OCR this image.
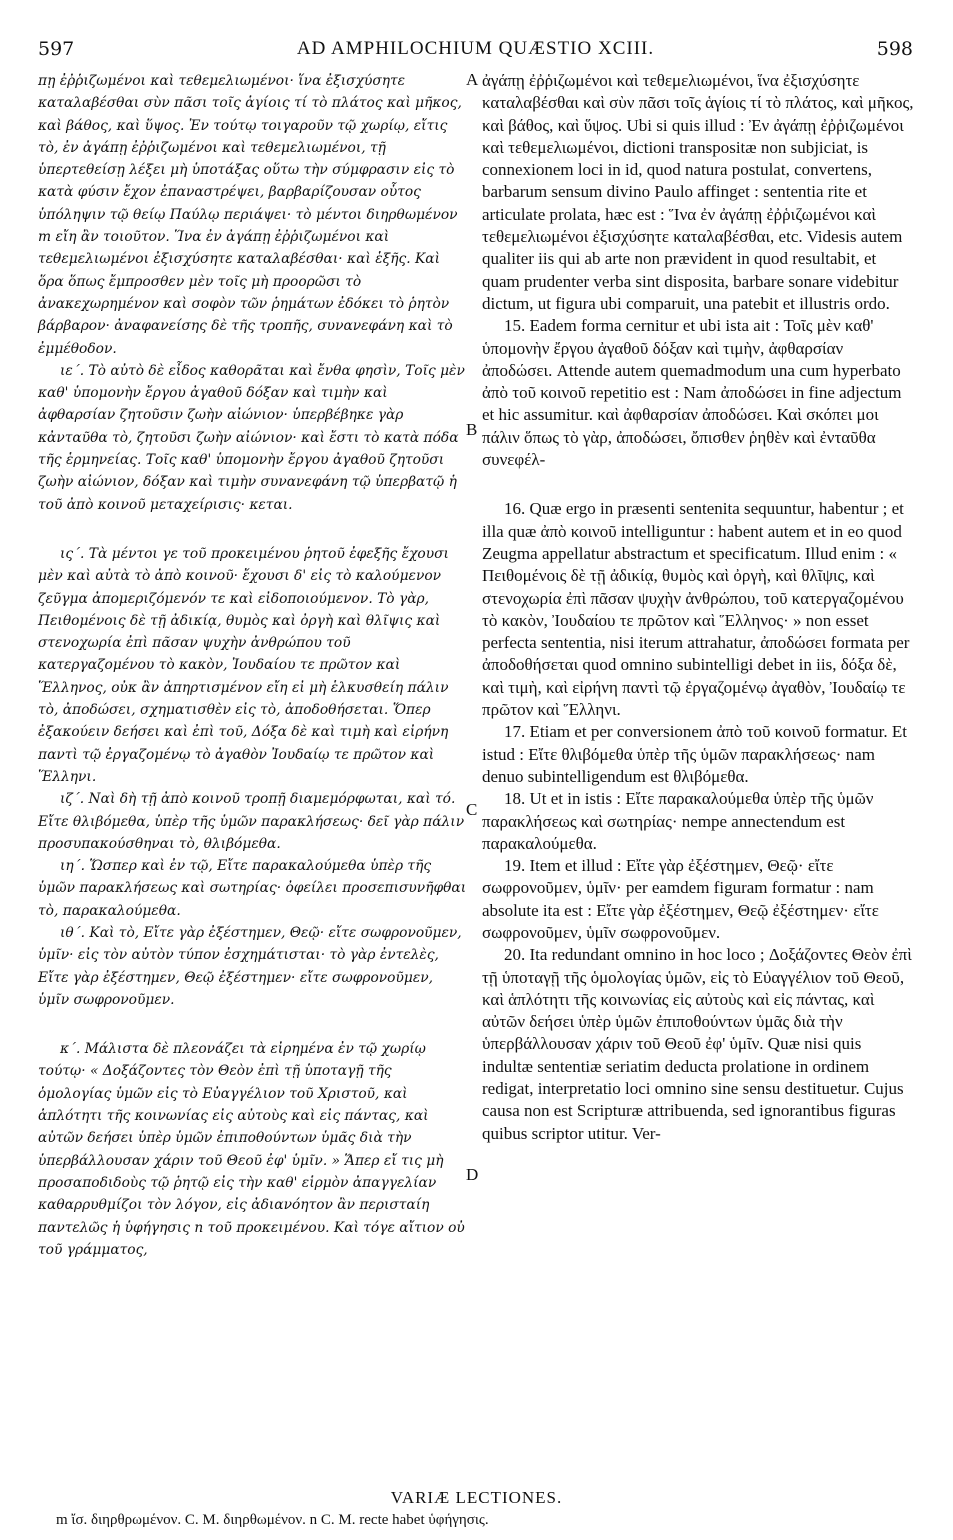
597	AD AMPHILOCHIUM QUÆSTIO XCIII.	598
A
B
C
D

πῃ ἐῤῥιζωμένοι καὶ τεθεμελιωμένοι· ἵνα ἐξισχύσητε καταλαβέσθαι σὺν πᾶσι τοῖς ἁγίοις τί τὸ πλάτος καὶ μῆκος, καὶ βάθος, καὶ ὕψος. Ἐν τούτῳ τοιγαροῦν τῷ χωρίῳ, εἴτις τὸ, ἐν ἀγάπῃ ἐῤῥιζωμένοι καὶ τεθεμελιωμένοι, τῇ ὑπερτεθείσῃ λέξει μὴ ὑποτάξας οὕτω τὴν σύμφρασιν εἰς τὸ κατὰ φύσιν ἔχον ἐπαναστρέψει, βαρβαρίζουσαν οὗτος ὑπόληψιν τῷ θείῳ Παύλῳ περιάψει· τὸ μέντοι διηρθωμένον m εἴη ἂν τοιοῦτον. Ἵνα ἐν ἀγάπῃ ἐῤῥιζωμένοι καὶ τεθεμελιωμένοι ἐξισχύσητε καταλαβέσθαι· καὶ ἑξῆς. Καὶ ὅρα ὅπως ἔμπροσθεν μὲν τοῖς μὴ προορῶσι τὸ ἀνακεχωρημένον καὶ σοφὸν τῶν ῥημάτων ἐδόκει τὸ ῥητὸν βάρβαρον· ἀναφανείσης δὲ τῆς τροπῆς, συνανεφάνη καὶ τὸ ἐμμέθοδον.

ιε΄. Τὸ αὐτὸ δὲ εἶδος καθορᾶται καὶ ἔνθα φησὶν, Τοῖς μὲν καθ' ὑπομονὴν ἔργου ἀγαθοῦ δόξαν καὶ τιμὴν καὶ ἀφθαρσίαν ζητοῦσιν ζωὴν αἰώνιον· ὑπερβέβηκε γὰρ κἀνταῦθα τὸ, ζητοῦσι ζωὴν αἰώνιον· καὶ ἔστι τὸ κατὰ πόδα τῆς ἑρμηνείας. Τοῖς καθ' ὑπομονὴν ἔργου ἀγαθοῦ ζητοῦσι ζωὴν αἰώνιον, δόξαν καὶ τιμὴν συνανεφάνη τῷ ὑπερβατῷ ἡ τοῦ ἀπὸ κοινοῦ μεταχείρισις· κεται.

ις΄. Τὰ μέντοι γε τοῦ προκειμένου ῥητοῦ ἐφεξῆς ἔχουσι μὲν καὶ αὐτὰ τὸ ἀπὸ κοινοῦ· ἔχουσι δ' εἰς τὸ καλούμενον ζεῦγμα ἀπομεριζόμενόν τε καὶ εἰδοποιούμενον. Τὸ γὰρ, Πειθομένοις δὲ τῇ ἀδικίᾳ, θυμὸς καὶ ὀργὴ καὶ θλῖψις καὶ στενοχωρία ἐπὶ πᾶσαν ψυχὴν ἀνθρώπου τοῦ κατεργαζομένου τὸ κακὸν, Ἰουδαίου τε πρῶτον καὶ Ἕλληνος, οὐκ ἂν ἀπηρτισμένον εἴη εἰ μὴ ἑλκυσθείη πάλιν τὸ, ἀποδώσει, σχηματισθὲν εἰς τὸ, ἀποδοθήσεται. Ὅπερ ἐξακούειν δεήσει καὶ ἐπὶ τοῦ, Δόξα δὲ καὶ τιμὴ καὶ εἰρήνη παντὶ τῷ ἐργαζομένῳ τὸ ἀγαθὸν Ἰουδαίῳ τε πρῶτον καὶ Ἕλληνι.

ιζ΄. Ναὶ δὴ τῇ ἀπὸ κοινοῦ τροπῇ διαμεμόρφωται, καὶ τό. Εἴτε θλιβόμεθα, ὑπὲρ τῆς ὑμῶν παρακλήσεως· δεῖ γὰρ πάλιν προσυπακούσθηναι τὸ, θλιβόμεθα.

ιη΄. Ὥσπερ καὶ ἐν τῷ, Εἴτε παρακαλούμεθα ὑπὲρ τῆς ὑμῶν παρακλήσεως καὶ σωτηρίας· ὀφείλει προσεπισυνῆφθαι τὸ, παρακαλούμεθα.

ιθ΄. Καὶ τὸ, Εἴτε γὰρ ἐξέστημεν, Θεῷ· εἴτε σωφρονοῦμεν, ὑμῖν· εἰς τὸν αὐτὸν τύπον ἐσχημάτισται· τὸ γὰρ ἐντελὲς, Εἴτε γὰρ ἐξέστημεν, Θεῷ ἐξέστημεν· εἴτε σωφρονοῦμεν, ὑμῖν σωφρονοῦμεν.

κ΄. Μάλιστα δὲ πλεονάζει τὰ εἰρημένα ἐν τῷ χωρίῳ τούτῳ· « Δοξάζοντες τὸν Θεὸν ἐπὶ τῇ ὑποταγῇ τῆς ὁμολογίας ὑμῶν εἰς τὸ Εὐαγγέλιον τοῦ Χριστοῦ, καὶ ἁπλότητι τῆς κοινωνίας εἰς αὐτοὺς καὶ εἰς πάντας, καὶ αὐτῶν δεήσει ὑπὲρ ὑμῶν ἐπιποθούντων ὑμᾶς διὰ τὴν ὑπερβάλλουσαν χάριν τοῦ Θεοῦ ἐφ' ὑμῖν. » Ἅπερ εἴ τις μὴ προσαποδιδοὺς τῷ ῥητῷ εἰς τὴν καθ' εἱρμὸν ἀπαγγελίαν καθαρρυθμίζοι τὸν λόγον, εἰς ἀδιανόητον ἂν περισταίη παντελῶς ἡ ὑφήγησις n τοῦ προκειμένου. Καὶ τόγε αἴτιον οὐ τοῦ γράμματος,

ἀγάπῃ ἐῤῥιζωμένοι καὶ τεθεμελιωμένοι, ἵνα ἐξισχύσητε καταλαβέσθαι καὶ σὺν πᾶσι τοῖς ἁγίοις τί τὸ πλάτος, καὶ μῆκος, καὶ βάθος, καὶ ὕψος. Ubi si quis illud : Ἐν ἀγάπῃ ἐῤῥιζωμένοι καὶ τεθεμελιωμένοι, dictioni transpositæ non subjiciat, is connexionem loci in id, quod natura postulat, convertens, barbarum sensum divino Paulo affinget : sententia rite et articulate prolata, hæc est : Ἵνα ἐν ἀγάπῃ ἐῤῥιζωμένοι καὶ τεθεμελιωμένοι ἐξισχύσητε καταλαβέσθαι, etc. Videsis autem qualiter iis qui ab arte non prævident in quod resultabit, et quam prudenter verba sint disposita, barbare sonare videbitur dictum, ut figura ubi comparuit, una patebit et illustris ordo.

15. Eadem forma cernitur et ubi ista ait : Τοῖς μὲν καθ' ὑπομονὴν ἔργου ἀγαθοῦ δόξαν καὶ τιμὴν, ἀφθαρσίαν ἀποδώσει. Attende autem quemadmodum una cum hyperbato ἀπὸ τοῦ κοινοῦ repetitio est : Nam ἀποδώσει in fine adjectum et hic assumitur. καὶ ἀφθαρσίαν ἀποδώσει. Καὶ σκόπει μοι πάλιν ὅπως τὸ γὰρ, ἀποδώσει, ὄπισθεν ῥηθὲν καὶ ἐνταῦθα συνεφέλ-

16. Quæ ergo in præsenti sentenita sequuntur, habentur ; et illa quæ ἀπὸ κοινοῦ intelliguntur : habent autem et in eo quod Zeugma appellatur abstractum et specificatum. Illud enim : « Πειθομένοις δὲ τῇ ἀδικίᾳ, θυμὸς καὶ ὀργὴ, καὶ θλῖψις, καὶ στενοχωρία ἐπὶ πᾶσαν ψυχὴν ἀνθρώπου, τοῦ κατεργαζομένου τὸ κακὸν, Ἰουδαίου τε πρῶτον καὶ Ἕλληνος· » non esset perfecta sententia, nisi iterum attrahatur, ἀποδώσει formata per ἀποδοθήσεται quod omnino subintelligi debet in iis, δόξα δὲ, καὶ τιμὴ, καὶ εἰρήνη παντὶ τῷ ἐργαζομένῳ ἀγαθὸν, Ἰουδαίῳ τε πρῶτον καὶ Ἕλληνι.

17. Etiam et per conversionem ἀπὸ τοῦ κοινοῦ formatur. Et istud : Εἴτε θλιβόμεθα ὑπὲρ τῆς ὑμῶν παρακλήσεως· nam denuo subintelligendum est θλιβόμεθα.

18. Ut et in istis : Εἴτε παρακαλούμεθα ὑπὲρ τῆς ὑμῶν παρακλήσεως καὶ σωτηρίας· nempe annectendum est παρακαλούμεθα.

19. Item et illud : Εἴτε γὰρ ἐξέστημεν, Θεῷ· εἴτε σωφρονοῦμεν, ὑμῖν· per eamdem figuram formatur : nam absolute ita est : Εἴτε γὰρ ἐξέστημεν, Θεῷ ἐξέστημεν· εἴτε σωφρονοῦμεν, ὑμῖν σωφρονοῦμεν.

20. Ita redundant omnino in hoc loco ; Δοξάζοντες Θεὸν ἐπὶ τῇ ὑποταγῇ τῆς ὁμολογίας ὑμῶν, εἰς τὸ Εὐαγγέλιον τοῦ Θεοῦ, καὶ ἁπλότητι τῆς κοινωνίας εἰς αὐτοὺς καὶ εἰς πάντας, καὶ αὐτῶν δεήσει ὑπὲρ ὑμῶν ἐπιποθούντων ὑμᾶς διὰ τὴν ὑπερβάλλουσαν χάριν τοῦ Θεοῦ ἐφ' ὑμῖν. Quæ nisi quis indultæ sententiæ seriatim deducta prolatione in ordinem redigat, interpretatio loci omnino sine sensu destituetur. Cujus causa non est Scripturæ attribuenda, sed ignorantibus figuras quibus scriptor utitur. Ver-

VARIÆ LECTIONES.
m ἴσ. διηρθρωμένον. C. M. διηρθωμένον. n C. M. recte habet ὑφήγησις.
